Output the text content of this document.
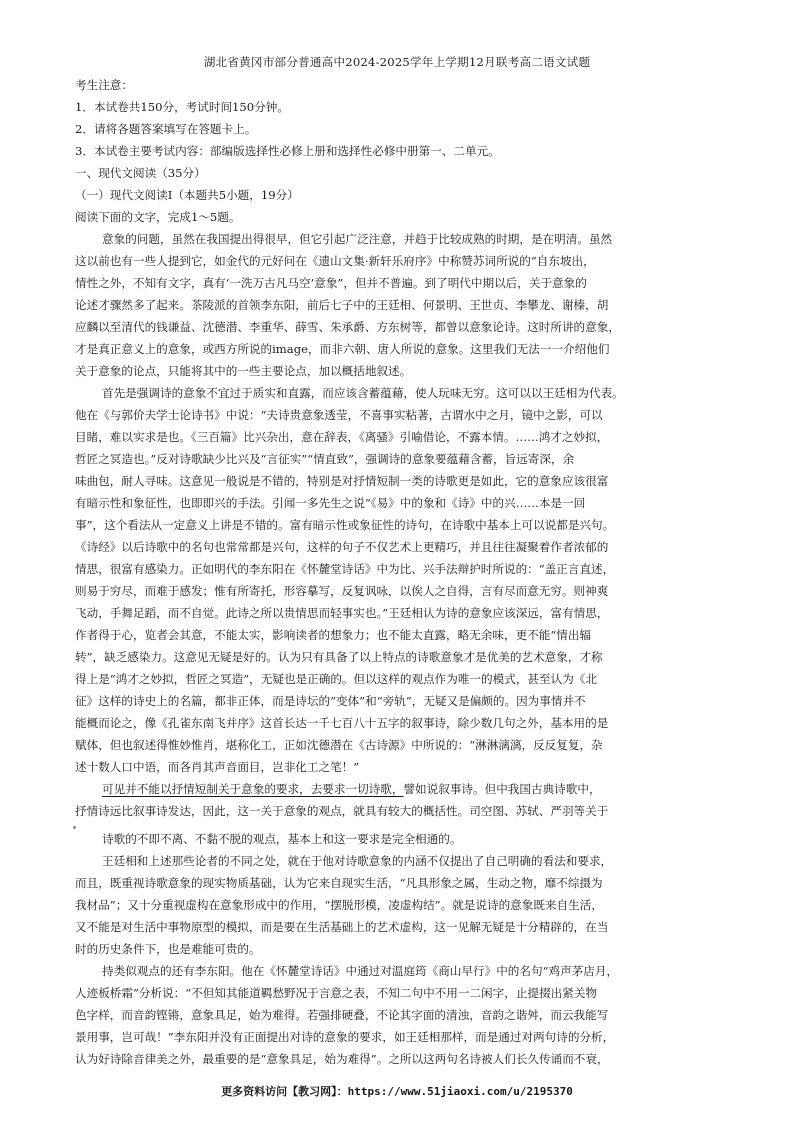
湖北省黄冈市部分普通高中2024-2025学年上学期12月联考高二语文试题
考生注意：
1．本试卷共150分，考试时间150分钟。
2．请将各题答案填写在答题卡上。
3．本试卷主要考试内容：部编版选择性必修上册和选择性必修中册第一、二单元。
一、现代文阅读（35分）
（一）现代文阅读Ⅰ（本题共5小题，19分）
阅读下面的文字，完成1～5题。
意象的问题，虽然在我国提出得很早，但它引起广泛注意，并趋于比较成熟的时期，是在明清。虽然
这以前也有一些人提到它，如金代的元好问在《遗山文集·新轩乐府序》中称赞苏词所说的“自东坡出，
情性之外，不知有文字，真有‘一洗万古凡马空’意象”，但并不普遍。到了明代中期以后，关于意象的
论述才骤然多了起来。茶陵派的首领李东阳，前后七子中的王廷相、何景明、王世贞、李攀龙、谢榛，胡
应麟以至清代的钱谦益、沈德潜、李重华、薛雪、朱承爵、方东树等，都曾以意象论诗。这时所讲的意象，
才是真正意义上的意象，或西方所说的image，而非六朝、唐人所说的意象。这里我们无法一一介绍他们
关于意象的论点，只能将其中的一些主要论点，加以概括地叙述。
首先是强调诗的意象不宜过于质实和直露，而应该含蓄蕴藉，使人玩味无穷。这可以以王廷相为代表。
他在《与郭价夫学士论诗书》中说：“夫诗贵意象透莹，不喜事实粘著，古谓水中之月，镜中之影，可以
目睹，难以实求是也。《三百篇》比兴杂出，意在辞表，《离骚》引喻借论，不露本情。……鸿才之妙拟，
哲匠之冥造也。”反对诗歌缺少比兴及“言征实”“情直致”，强调诗的意象要蕴藉含蓄，旨远寄深，余
味曲包，耐人寻味。这意见一般说是不错的，特别是对抒情短制一类的诗歌更是如此，它的意象应该很富
有暗示性和象征性，也即即兴的手法。引闻一多先生之说“《易》中的象和《诗》中的兴……本是一回
事”，这个看法从一定意义上讲是不错的。富有暗示性或象征性的诗句，在诗歌中基本上可以说都是兴句。
《诗经》以后诗歌中的名句也常常都是兴句，这样的句子不仅艺术上更精巧，并且往往凝聚着作者浓郁的
情思，很富有感染力。正如明代的李东阳在《怀麓堂诗话》中为比、兴手法辩护时所说的：“盖正言直述，
则易于穷尽，而难于感发；惟有所寄托，形容摹写，反复讽咏，以俟人之自得，言有尽而意无穷。则神爽
飞动，手舞足蹈，而不自觉。此诗之所以贵情思而轻事实也。”王廷相认为诗的意象应该深远，富有情思，
作者得于心，览者会其意，不能太实，影响读者的想象力；也不能太直露，略无余味，更不能“情出辐
转”，缺乏感染力。这意见无疑是好的。认为只有具备了以上特点的诗歌意象才是优美的艺术意象，才称
得上是“鸿才之妙拟，哲匠之冥造”，无疑也是正确的。但以这样的观点作为唯一的模式，甚至认为《北
征》这样的诗史上的名篇，都非正体，而是诗坛的“变体”和“旁轨”，无疑又是偏颇的。因为事情并不
能概而论之，像《孔雀东南飞并序》这首长达一千七百八十五字的叙事诗，除少数几句之外，基本用的是
赋体，但也叙述得惟妙惟肖，堪称化工，正如沈德潜在《古诗源》中所说的：“淋淋漓漓，反反复复，杂
述十数人口中语，而各肖其声音面目，岂非化工之笔！”
可见并不能以抒情短制关于意象的要求，去要求一切诗歌，譬如说叙事诗。但中我国古典诗歌中，
抒情诗远比叙事诗发达，因此，这一关于意象的观点，就具有较大的概括性。司空图、苏轼、严羽等关于
诗歌的不即不离、不黏不脱的观点，基本上和这一要求是完全相通的。
王廷相和上述那些论者的不同之处，就在于他对诗歌意象的内涵不仅提出了自己明确的看法和要求，
而且，既重视诗歌意象的现实物质基础，认为它来自现实生活，“凡具形象之属，生动之物，靡不综摄为
我材品”；又十分重视虚构在意象形成中的作用，“摆脱形模，凌虚构结”。就是说诗的意象既来自生活，
又不能是对生活中事物原型的模拟，而是要在生活基础上的艺术虚构，这一见解无疑是十分精辟的，在当
时的历史条件下，也是难能可贵的。
持类似观点的还有李东阳。他在《怀麓堂诗话》中通过对温庭筠《商山早行》中的名句“鸡声茅店月，
人迹板桥霜”分析说：“不但知其能道羁愁野况于言意之表，不知二句中不用一二闲字，止提掇出紧关物
色字样，而音韵铿锵，意象具足，始为难得。若强排硬叠，不论其字面的清浊，音韵之谐舛，而云我能写
景用事，岂可哉！”李东阳并没有正面提出对诗的意象的要求，如王廷相那样，而是通过对两句诗的分析，
认为好诗除音律美之外，最重要的是“意象具足，始为难得”。之所以这两句名诗被人们长久传诵而不衰，
更多资料访问【教习网】：https://www.51jiaoxi.com/u/2195370
